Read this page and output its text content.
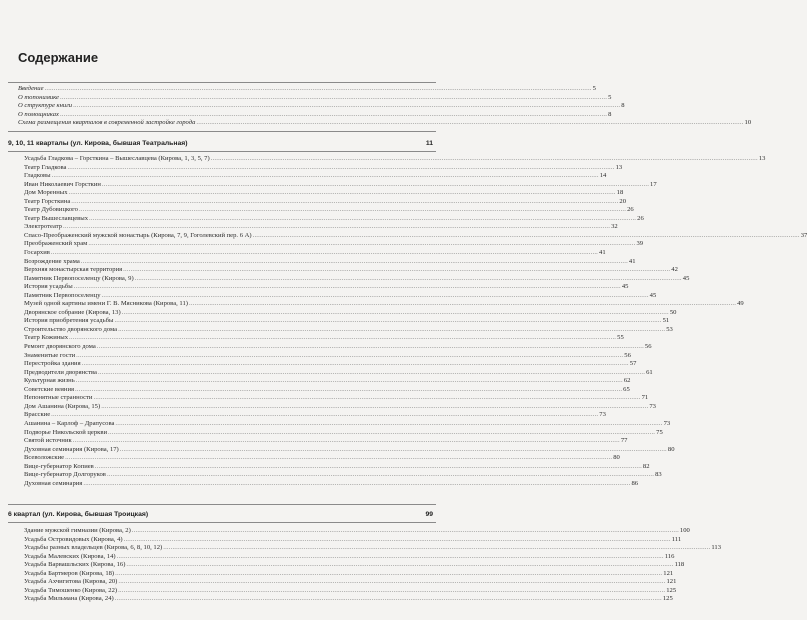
Содержание
Введение .....	5
О топонимике .....	5
О структуре книги .....	8
О помощниках .....	8
Схема размещения кварталов в современной застройке города .....	10
9, 10, 11 кварталы (ул. Кирова, бывшая Театральная)	11
Усадьба Гладкова – Горсткина – Вышеславцева (Кирова, 1, 3, 5, 7) .....	13
Театр Гладкова .....	13
Гладковы .....	14
Иван Николаевич Горсткин .....	17
Дом Моренных .....	18
Театр Горсткина .....	20
Театр Дубовицкого .....	26
Театр Вышеславцевых .....	26
Электротеатр .....	32
Спасо-Преображенский мужской монастырь (Кирова, 7, 9, Гоголевский пер. 6 А) .....	37
Преображенский храм .....	39
Госархив .....	41
Возрождение храма .....	41
Верхняя монастырская территория .....	42
Памятник Первопоселенцу (Кирова, 9) .....	45
История усадьбы .....	45
Памятник Первопоселенцу .....	45
Музей одной картины имени Г. В. Мясникова (Кирова, 11) .....	49
Дворянское собрание (Кирова, 13) .....	50
История приобретения усадьбы .....	51
Строительство дворянского дома .....	53
Театр Кожиных .....	55
Ремонт дворянского дома .....	56
Знаменитые гости .....	56
Перестройка здания .....	57
Предводители дворянства .....	61
Культурная жизнь .....	62
Советские веяния .....	65
Непонятные странности .....	71
Дом Ашанина (Кирова, 15) .....	73
Врасские .....	73
Ашанина – Карлоф – Драпусова .....	73
Подворье Никольской церкви .....	75
Святой источник .....	77
Духовная семинария (Кирова, 17) .....	80
Всеволожские .....	80
Вице-губернатор Копиев .....	82
Вице-губернатор Долгоруков .....	83
Духовная семинария .....	86
6 квартал (ул. Кирова, бывшая Троицкая)	99
Здание мужской гимназии (Кирова, 2) .....	100
Усадьба Островидовых (Кирова, 4) .....	111
Усадьбы разных владельцев (Кирова, 6, 8, 10, 12) .....	113
Усадьба Малевских (Кирова, 14) .....	116
Усадьба Варвашльских (Кирова, 16) .....	118
Усадьба Бартмеров (Кирова, 18) .....	121
Усадьба Ахчигитова (Кирова, 20) .....	121
Усадьба Тимошенко (Кирова, 22) .....	125
Усадьба Мильмана (Кирова, 24) .....	125
